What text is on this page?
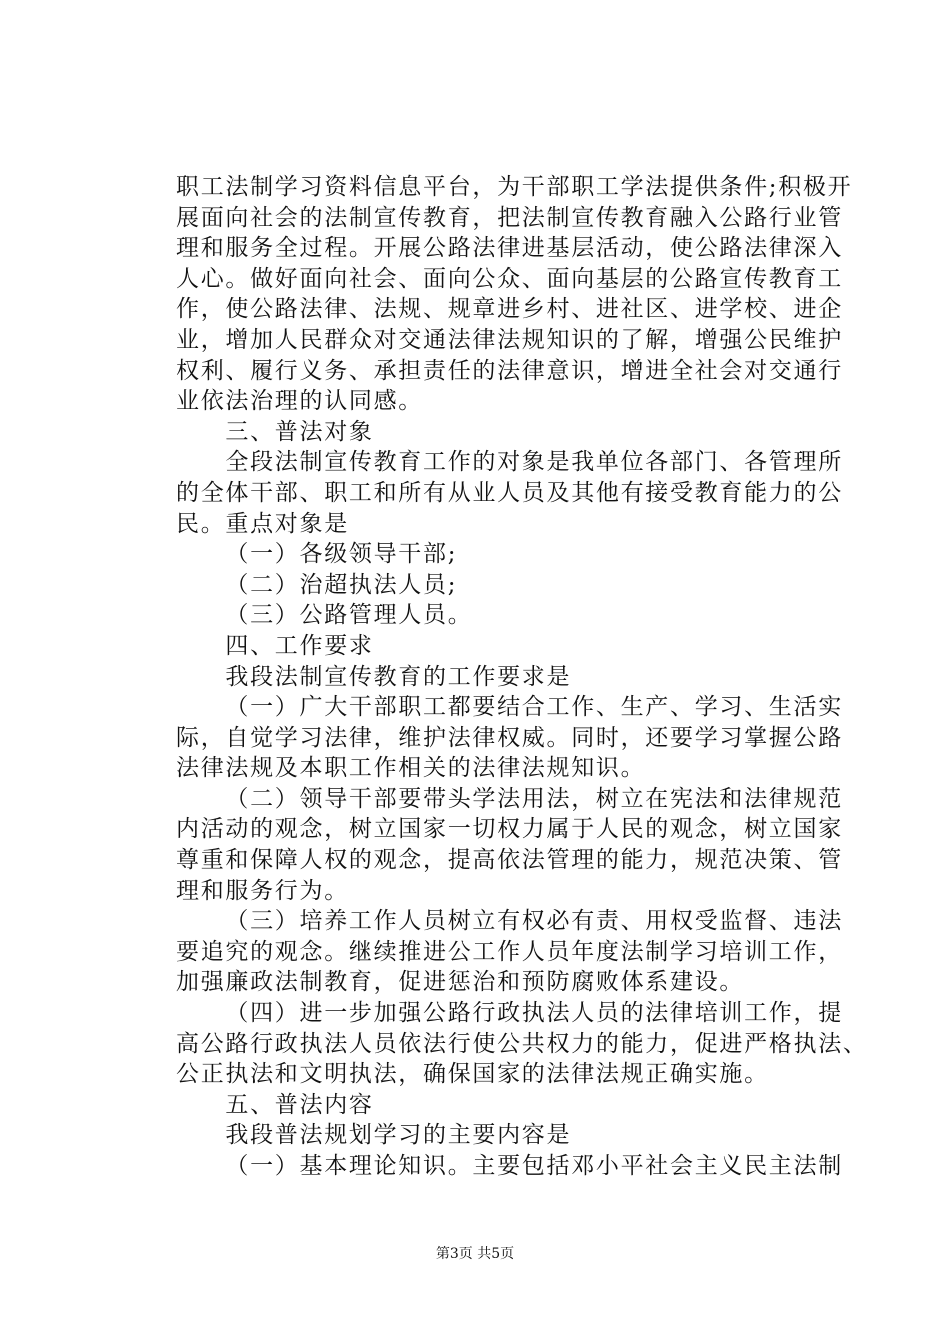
职工法制学习资料信息平台，为干部职工学法提供条件;积极开
展面向社会的法制宣传教育，把法制宣传教育融入公路行业管
理和服务全过程。开展公路法律进基层活动，使公路法律深入
人心。做好面向社会、面向公众、面向基层的公路宣传教育工
作，使公路法律、法规、规章进乡村、进社区、进学校、进企
业，增加人民群众对交通法律法规知识的了解，增强公民维护
权利、履行义务、承担责任的法律意识，增进全社会对交通行
业依法治理的认同感。
三、普法对象
全段法制宣传教育工作的对象是我单位各部门、各管理所
的全体干部、职工和所有从业人员及其他有接受教育能力的公
民。重点对象是
（一）各级领导干部;
（二）治超执法人员;
（三）公路管理人员。
四、工作要求
我段法制宣传教育的工作要求是
（一）广大干部职工都要结合工作、生产、学习、生活实
际，自觉学习法律，维护法律权威。同时，还要学习掌握公路
法律法规及本职工作相关的法律法规知识。
（二）领导干部要带头学法用法，树立在宪法和法律规范
内活动的观念，树立国家一切权力属于人民的观念，树立国家
尊重和保障人权的观念，提高依法管理的能力，规范决策、管
理和服务行为。
（三）培养工作人员树立有权必有责、用权受监督、违法
要追究的观念。继续推进公工作人员年度法制学习培训工作，
加强廉政法制教育，促进惩治和预防腐败体系建设。
（四）进一步加强公路行政执法人员的法律培训工作，提
高公路行政执法人员依法行使公共权力的能力，促进严格执法、
公正执法和文明执法，确保国家的法律法规正确实施。
五、普法内容
我段普法规划学习的主要内容是
（一）基本理论知识。主要包括邓小平社会主义民主法制
第3页 共5页
